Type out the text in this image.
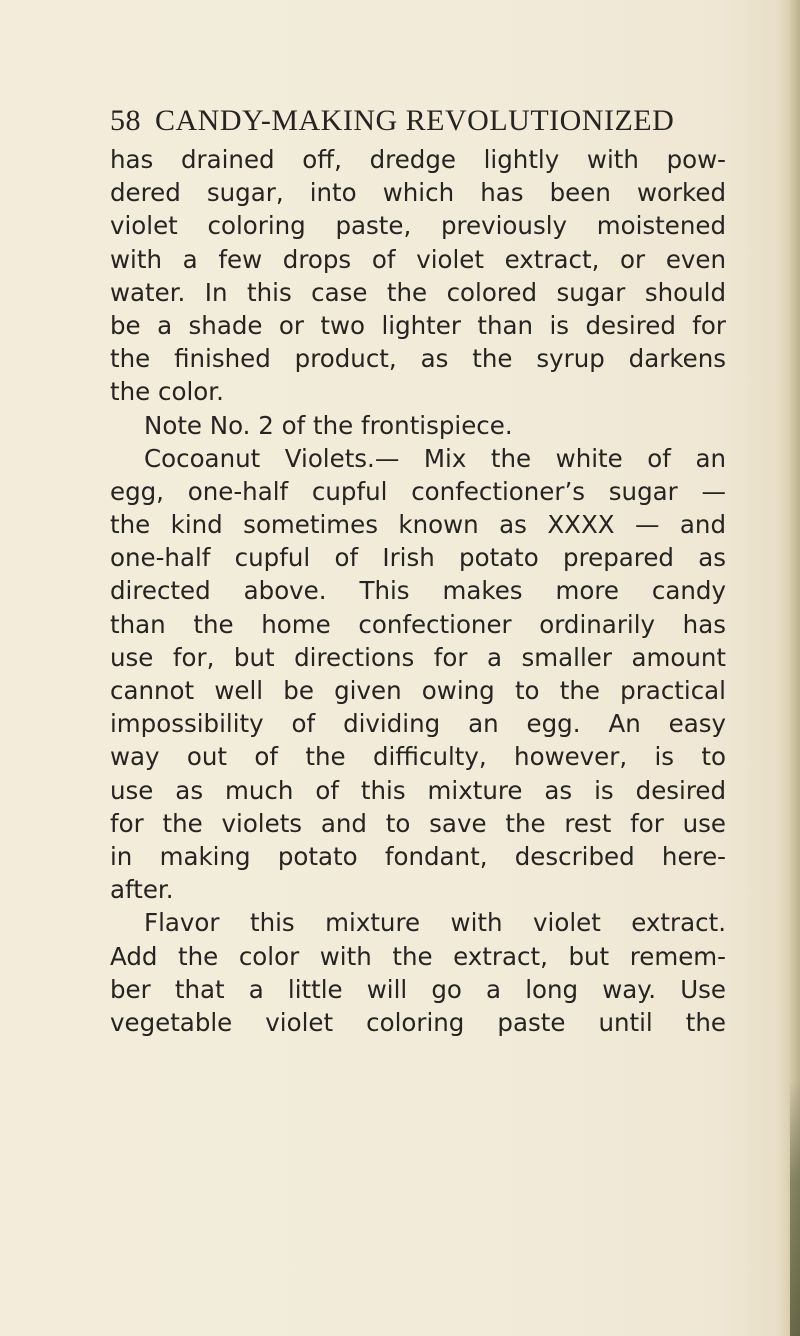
58 CANDY-MAKING REVOLUTIONIZED
has drained off, dredge lightly with pow-
dered sugar, into which has been worked
violet coloring paste, previously moistened
with a few drops of violet extract, or even
water. In this case the colored sugar should
be a shade or two lighter than is desired for
the finished product, as the syrup darkens
the color.
Note No. 2 of the frontispiece.
Cocoanut Violets.— Mix the white of an
egg, one-half cupful confectioner’s sugar —
the kind sometimes known as XXXX — and
one-half cupful of Irish potato prepared as
directed above. This makes more candy
than the home confectioner ordinarily has
use for, but directions for a smaller amount
cannot well be given owing to the practical
impossibility of dividing an egg. An easy
way out of the difficulty, however, is to
use as much of this mixture as is desired
for the violets and to save the rest for use
in making potato fondant, described here-
after.
Flavor this mixture with violet extract.
Add the color with the extract, but remem-
ber that a little will go a long way. Use
vegetable violet coloring paste until the
